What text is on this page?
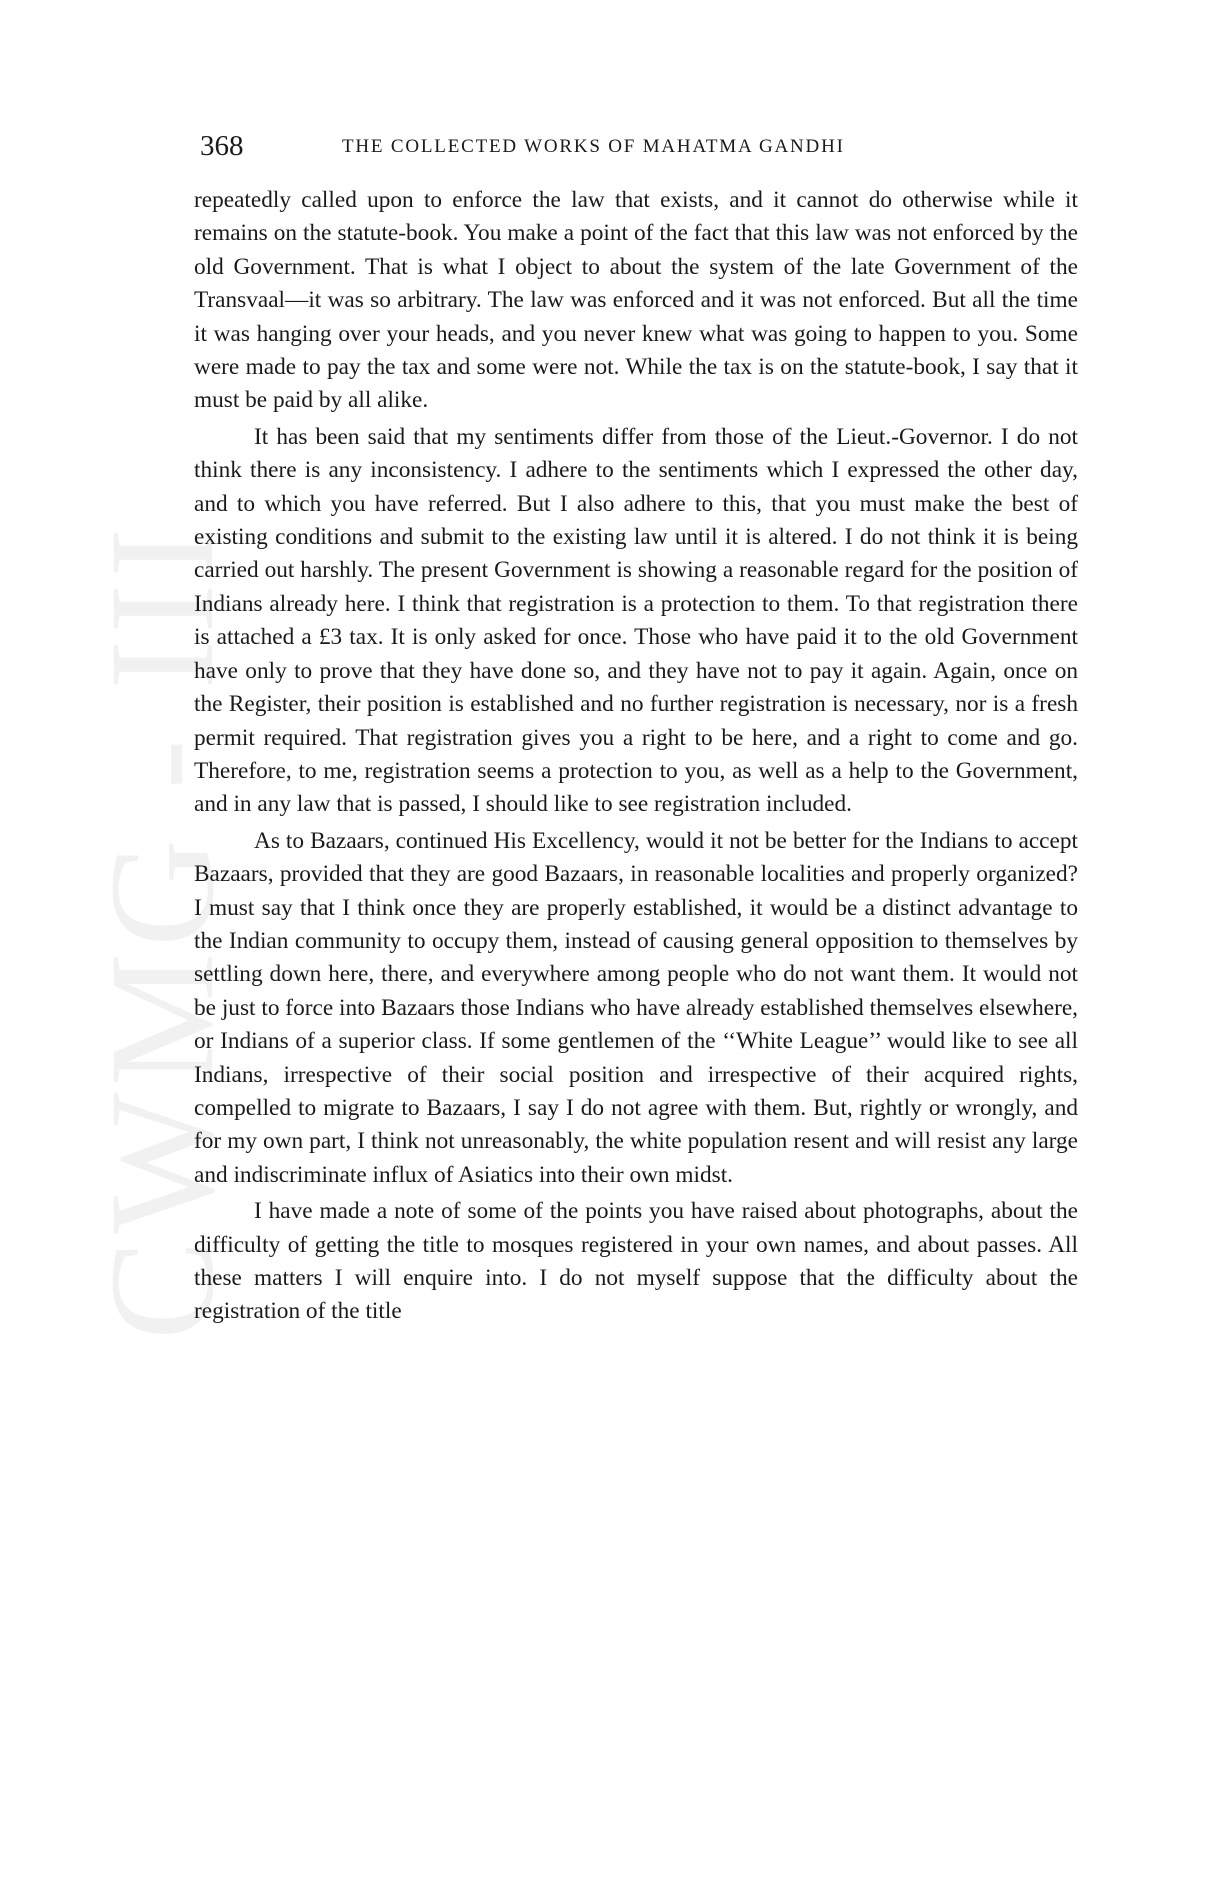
CWMG - III
368	THE COLLECTED WORKS OF MAHATMA GANDHI

repeatedly called upon to enforce the law that exists, and it cannot do otherwise while it remains on the statute-book. You make a point of the fact that this law was not enforced by the old Government. That is what I object to about the system of the late Government of the Transvaal—it was so arbitrary. The law was enforced and it was not enforced. But all the time it was hanging over your heads, and you never knew what was going to happen to you. Some were made to pay the tax and some were not. While the tax is on the statute-book, I say that it must be paid by all alike.

It has been said that my sentiments differ from those of the Lieut.-Governor. I do not think there is any inconsistency. I adhere to the sentiments which I expressed the other day, and to which you have referred. But I also adhere to this, that you must make the best of existing conditions and submit to the existing law until it is altered. I do not think it is being carried out harshly. The present Government is showing a reasonable regard for the position of Indians already here. I think that registration is a protection to them. To that registration there is attached a £3 tax. It is only asked for once. Those who have paid it to the old Government have only to prove that they have done so, and they have not to pay it again. Again, once on the Register, their position is established and no further registration is necessary, nor is a fresh permit required. That registration gives you a right to be here, and a right to come and go. Therefore, to me, registration seems a protection to you, as well as a help to the Government, and in any law that is passed, I should like to see registration included.

As to Bazaars, continued His Excellency, would it not be better for the Indians to accept Bazaars, provided that they are good Bazaars, in reasonable localities and properly organized? I must say that I think once they are properly established, it would be a distinct advantage to the Indian community to occupy them, instead of causing general opposition to themselves by settling down here, there, and everywhere among people who do not want them. It would not be just to force into Bazaars those Indians who have already established themselves elsewhere, or Indians of a superior class. If some gentlemen of the ‘‘White League’’ would like to see all Indians, irrespective of their social position and irrespective of their acquired rights, compelled to migrate to Bazaars, I say I do not agree with them. But, rightly or wrongly, and for my own part, I think not unreasonably, the white population resent and will resist any large and indiscriminate influx of Asiatics into their own midst.

I have made a note of some of the points you have raised about photographs, about the difficulty of getting the title to mosques registered in your own names, and about passes. All these matters I will enquire into. I do not myself suppose that the difficulty about the registration of the title
